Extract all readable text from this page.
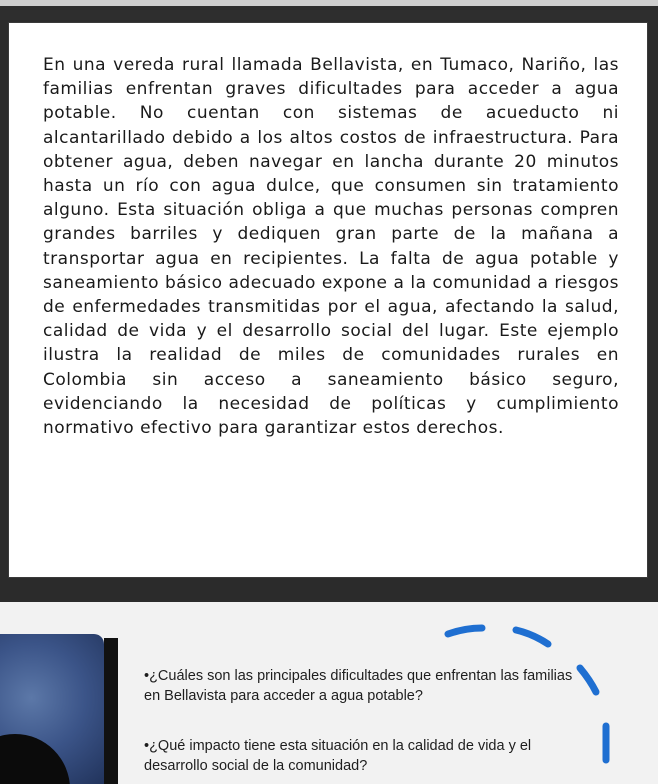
En una vereda rural llamada Bellavista, en Tumaco, Nariño, las familias enfrentan graves dificultades para acceder a agua potable. No cuentan con sistemas de acueducto ni alcantarillado debido a los altos costos de infraestructura. Para obtener agua, deben navegar en lancha durante 20 minutos hasta un río con agua dulce, que consumen sin tratamiento alguno. Esta situación obliga a que muchas personas compren grandes barriles y dediquen gran parte de la mañana a transportar agua en recipientes. La falta de agua potable y saneamiento básico adecuado expone a la comunidad a riesgos de enfermedades transmitidas por el agua, afectando la salud, calidad de vida y el desarrollo social del lugar. Este ejemplo ilustra la realidad de miles de comunidades rurales en Colombia sin acceso a saneamiento básico seguro, evidenciando la necesidad de políticas y cumplimiento normativo efectivo para garantizar estos derechos.

•¿Cuáles son las principales dificultades que enfrentan las familias en Bellavista para acceder a agua potable?

•¿Qué impacto tiene esta situación en la calidad de vida y el desarrollo social de la comunidad?
